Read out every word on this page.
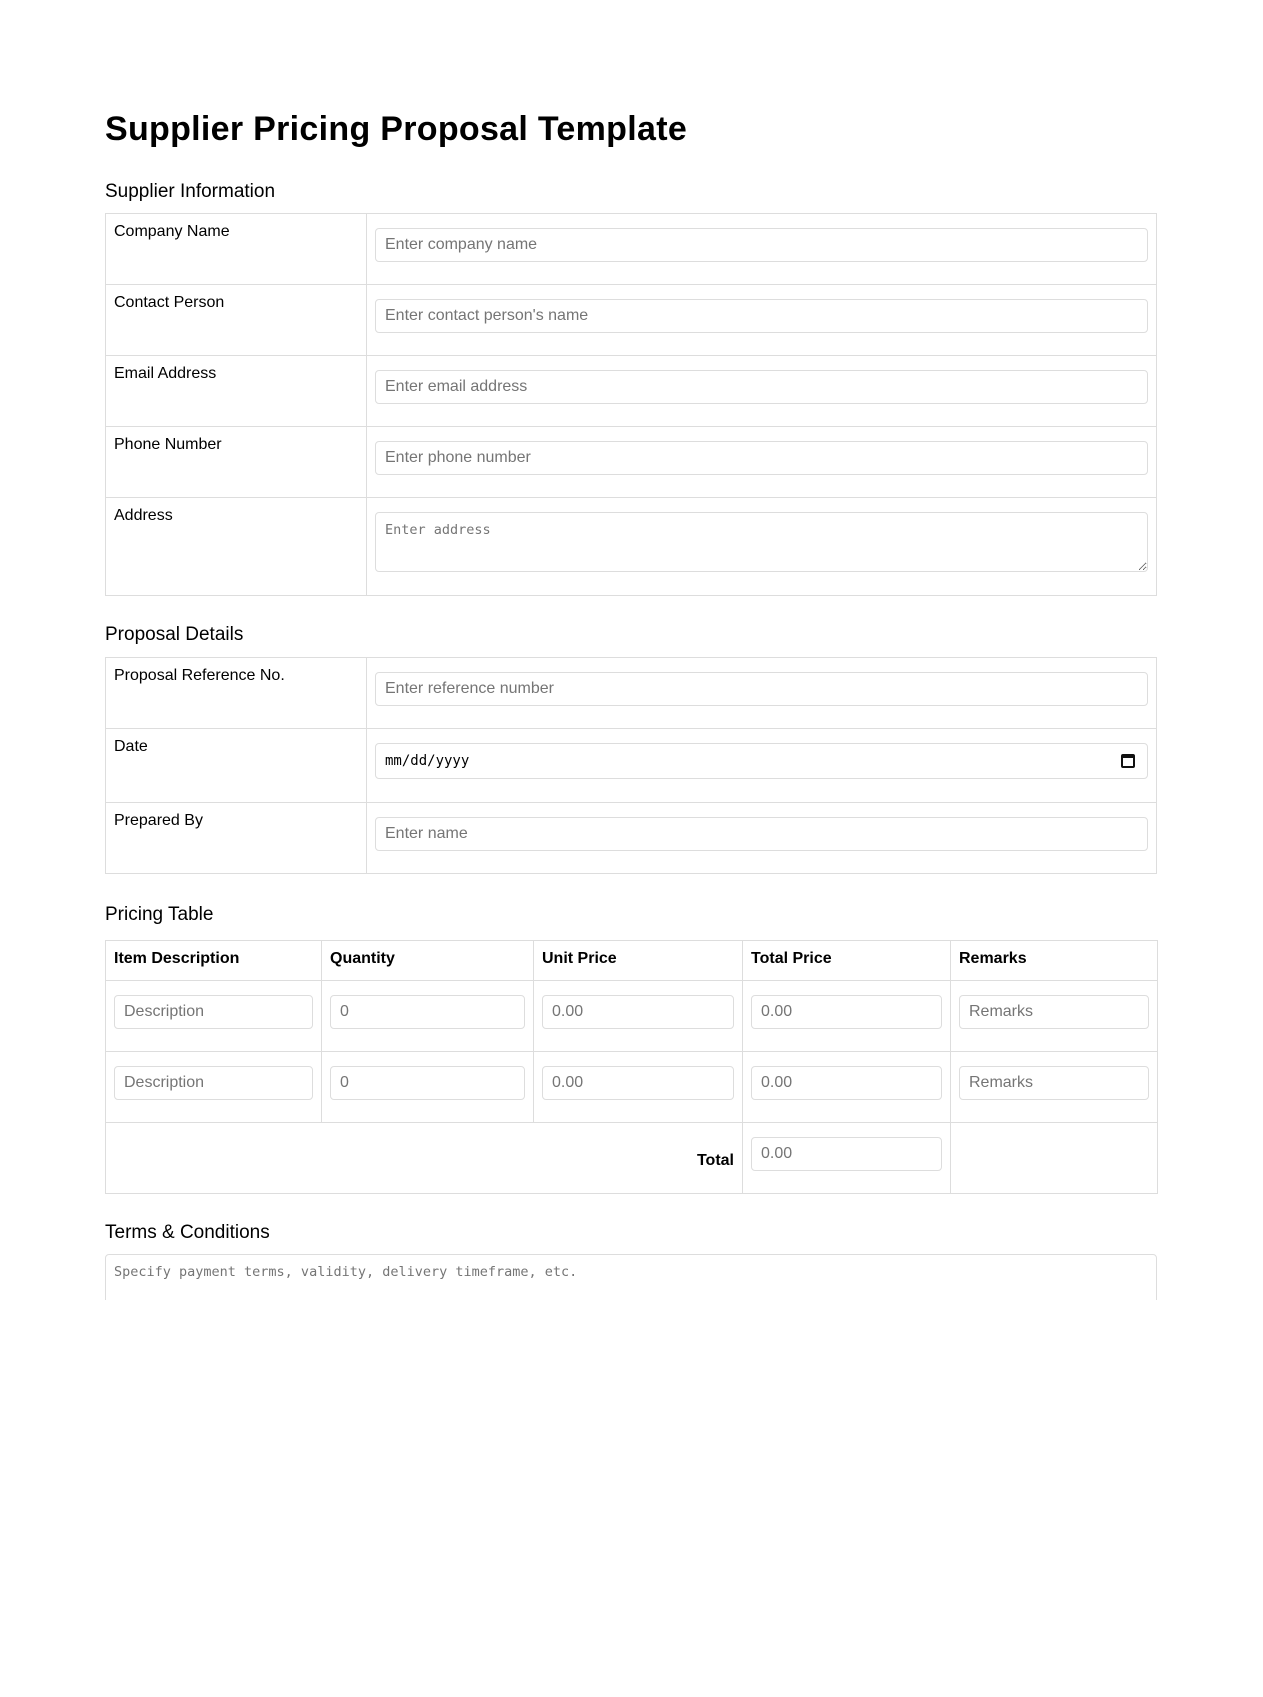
Supplier Pricing Proposal Template
Supplier Information
Company Name	Enter company name
Contact Person	Enter contact person's name
Email Address	Enter email address
Phone Number	Enter phone number
Address	Enter address
Proposal Details
Proposal Reference No.	Enter reference number
Date	mm/dd/yyyy

Prepared By	Enter name
Pricing Table
Item Description	Quantity	Unit Price	Total Price	Remarks
Description	0	0.00	0.00	Remarks
Description	0	0.00	0.00	Remarks
Total	0.00	
Terms & Conditions
Specify payment terms, validity, delivery timeframe, etc.
